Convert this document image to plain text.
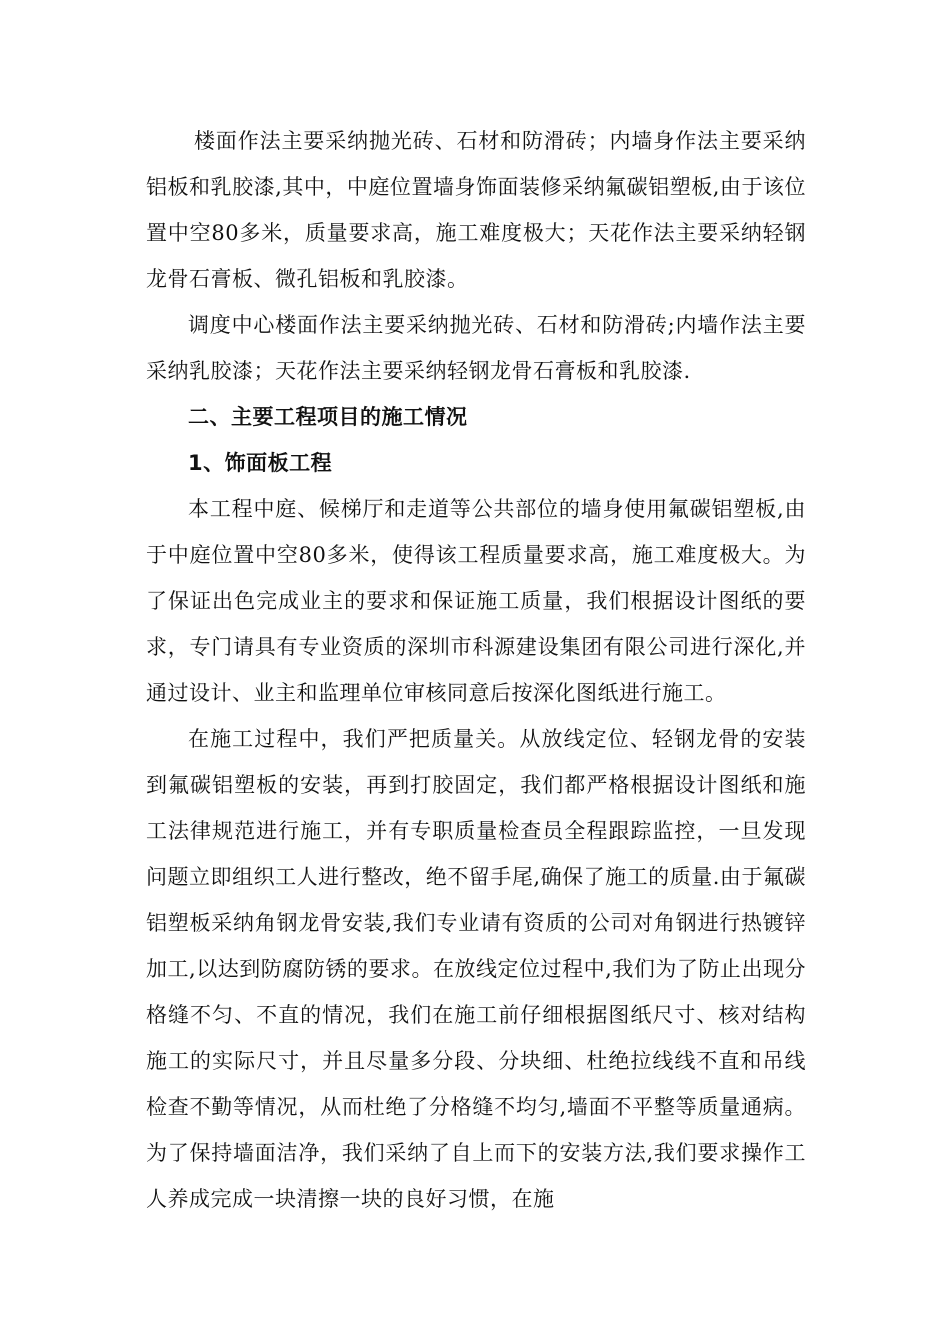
楼面作法主要采纳抛光砖、石材和防滑砖；内墙身作法主要采纳铝板和乳胶漆,其中，中庭位置墙身饰面装修采纳氟碳铝塑板,由于该位置中空80多米，质量要求高，施工难度极大；天花作法主要采纳轻钢龙骨石膏板、微孔铝板和乳胶漆。

调度中心楼面作法主要采纳抛光砖、石材和防滑砖;内墙作法主要采纳乳胶漆；天花作法主要采纳轻钢龙骨石膏板和乳胶漆.

二、主要工程项目的施工情况

1、饰面板工程

本工程中庭、候梯厅和走道等公共部位的墙身使用氟碳铝塑板,由于中庭位置中空80多米，使得该工程质量要求高，施工难度极大。为了保证出色完成业主的要求和保证施工质量，我们根据设计图纸的要求，专门请具有专业资质的深圳市科源建设集团有限公司进行深化,并通过设计、业主和监理单位审核同意后按深化图纸进行施工。

在施工过程中，我们严把质量关。从放线定位、轻钢龙骨的安装到氟碳铝塑板的安装，再到打胶固定，我们都严格根据设计图纸和施工法律规范进行施工，并有专职质量检查员全程跟踪监控，一旦发现问题立即组织工人进行整改，绝不留手尾,确保了施工的质量.由于氟碳铝塑板采纳角钢龙骨安装,我们专业请有资质的公司对角钢进行热镀锌加工,以达到防腐防锈的要求。在放线定位过程中,我们为了防止出现分格缝不匀、不直的情况，我们在施工前仔细根据图纸尺寸、核对结构施工的实际尺寸，并且尽量多分段、分块细、杜绝拉线线不直和吊线检查不勤等情况，从而杜绝了分格缝不均匀,墙面不平整等质量通病。为了保持墙面洁净，我们采纳了自上而下的安装方法,我们要求操作工人养成完成一块清擦一块的良好习惯，在施
